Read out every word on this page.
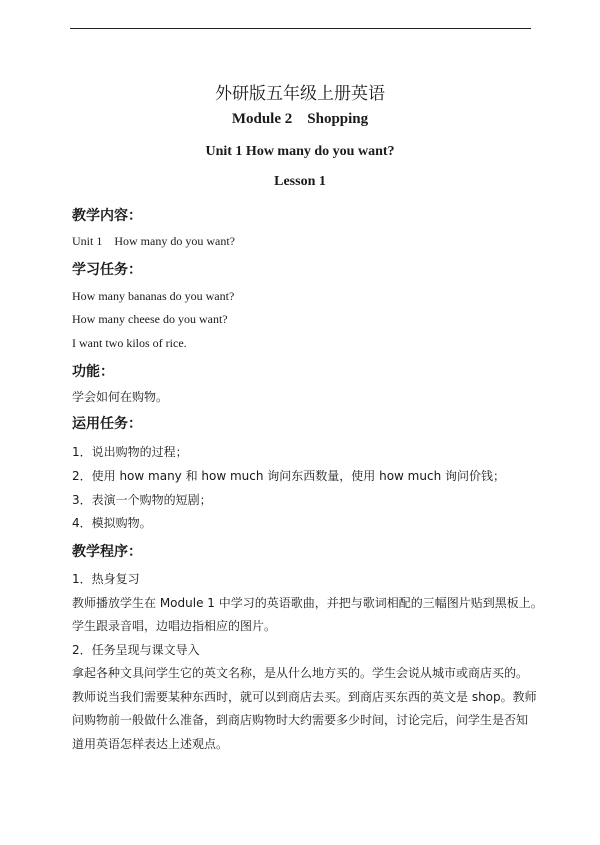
外研版五年级上册英语
Module 2    Shopping
Unit 1 How many do you want?
Lesson 1
教学内容：
Unit 1    How many do you want?
学习任务：
How many bananas do you want?
How many cheese do you want?
I want two kilos of rice.
功能：
学会如何在购物。
运用任务：
1．说出购物的过程；
2．使用 how many 和 how much 询问东西数量，使用 how much 询问价钱；
3．表演一个购物的短剧；
4．模拟购物。
教学程序：
1．热身复习
教师播放学生在 Module 1 中学习的英语歌曲，并把与歌词相配的三幅图片贴到黑板上。
学生跟录音唱，边唱边指相应的图片。
2．任务呈现与课文导入
拿起各种文具问学生它的英文名称，是从什么地方买的。学生会说从城市或商店买的。
教师说当我们需要某种东西时，就可以到商店去买。到商店买东西的英文是 shop。教师
问购物前一般做什么准备，到商店购物时大约需要多少时间，讨论完后，问学生是否知
道用英语怎样表达上述观点。
